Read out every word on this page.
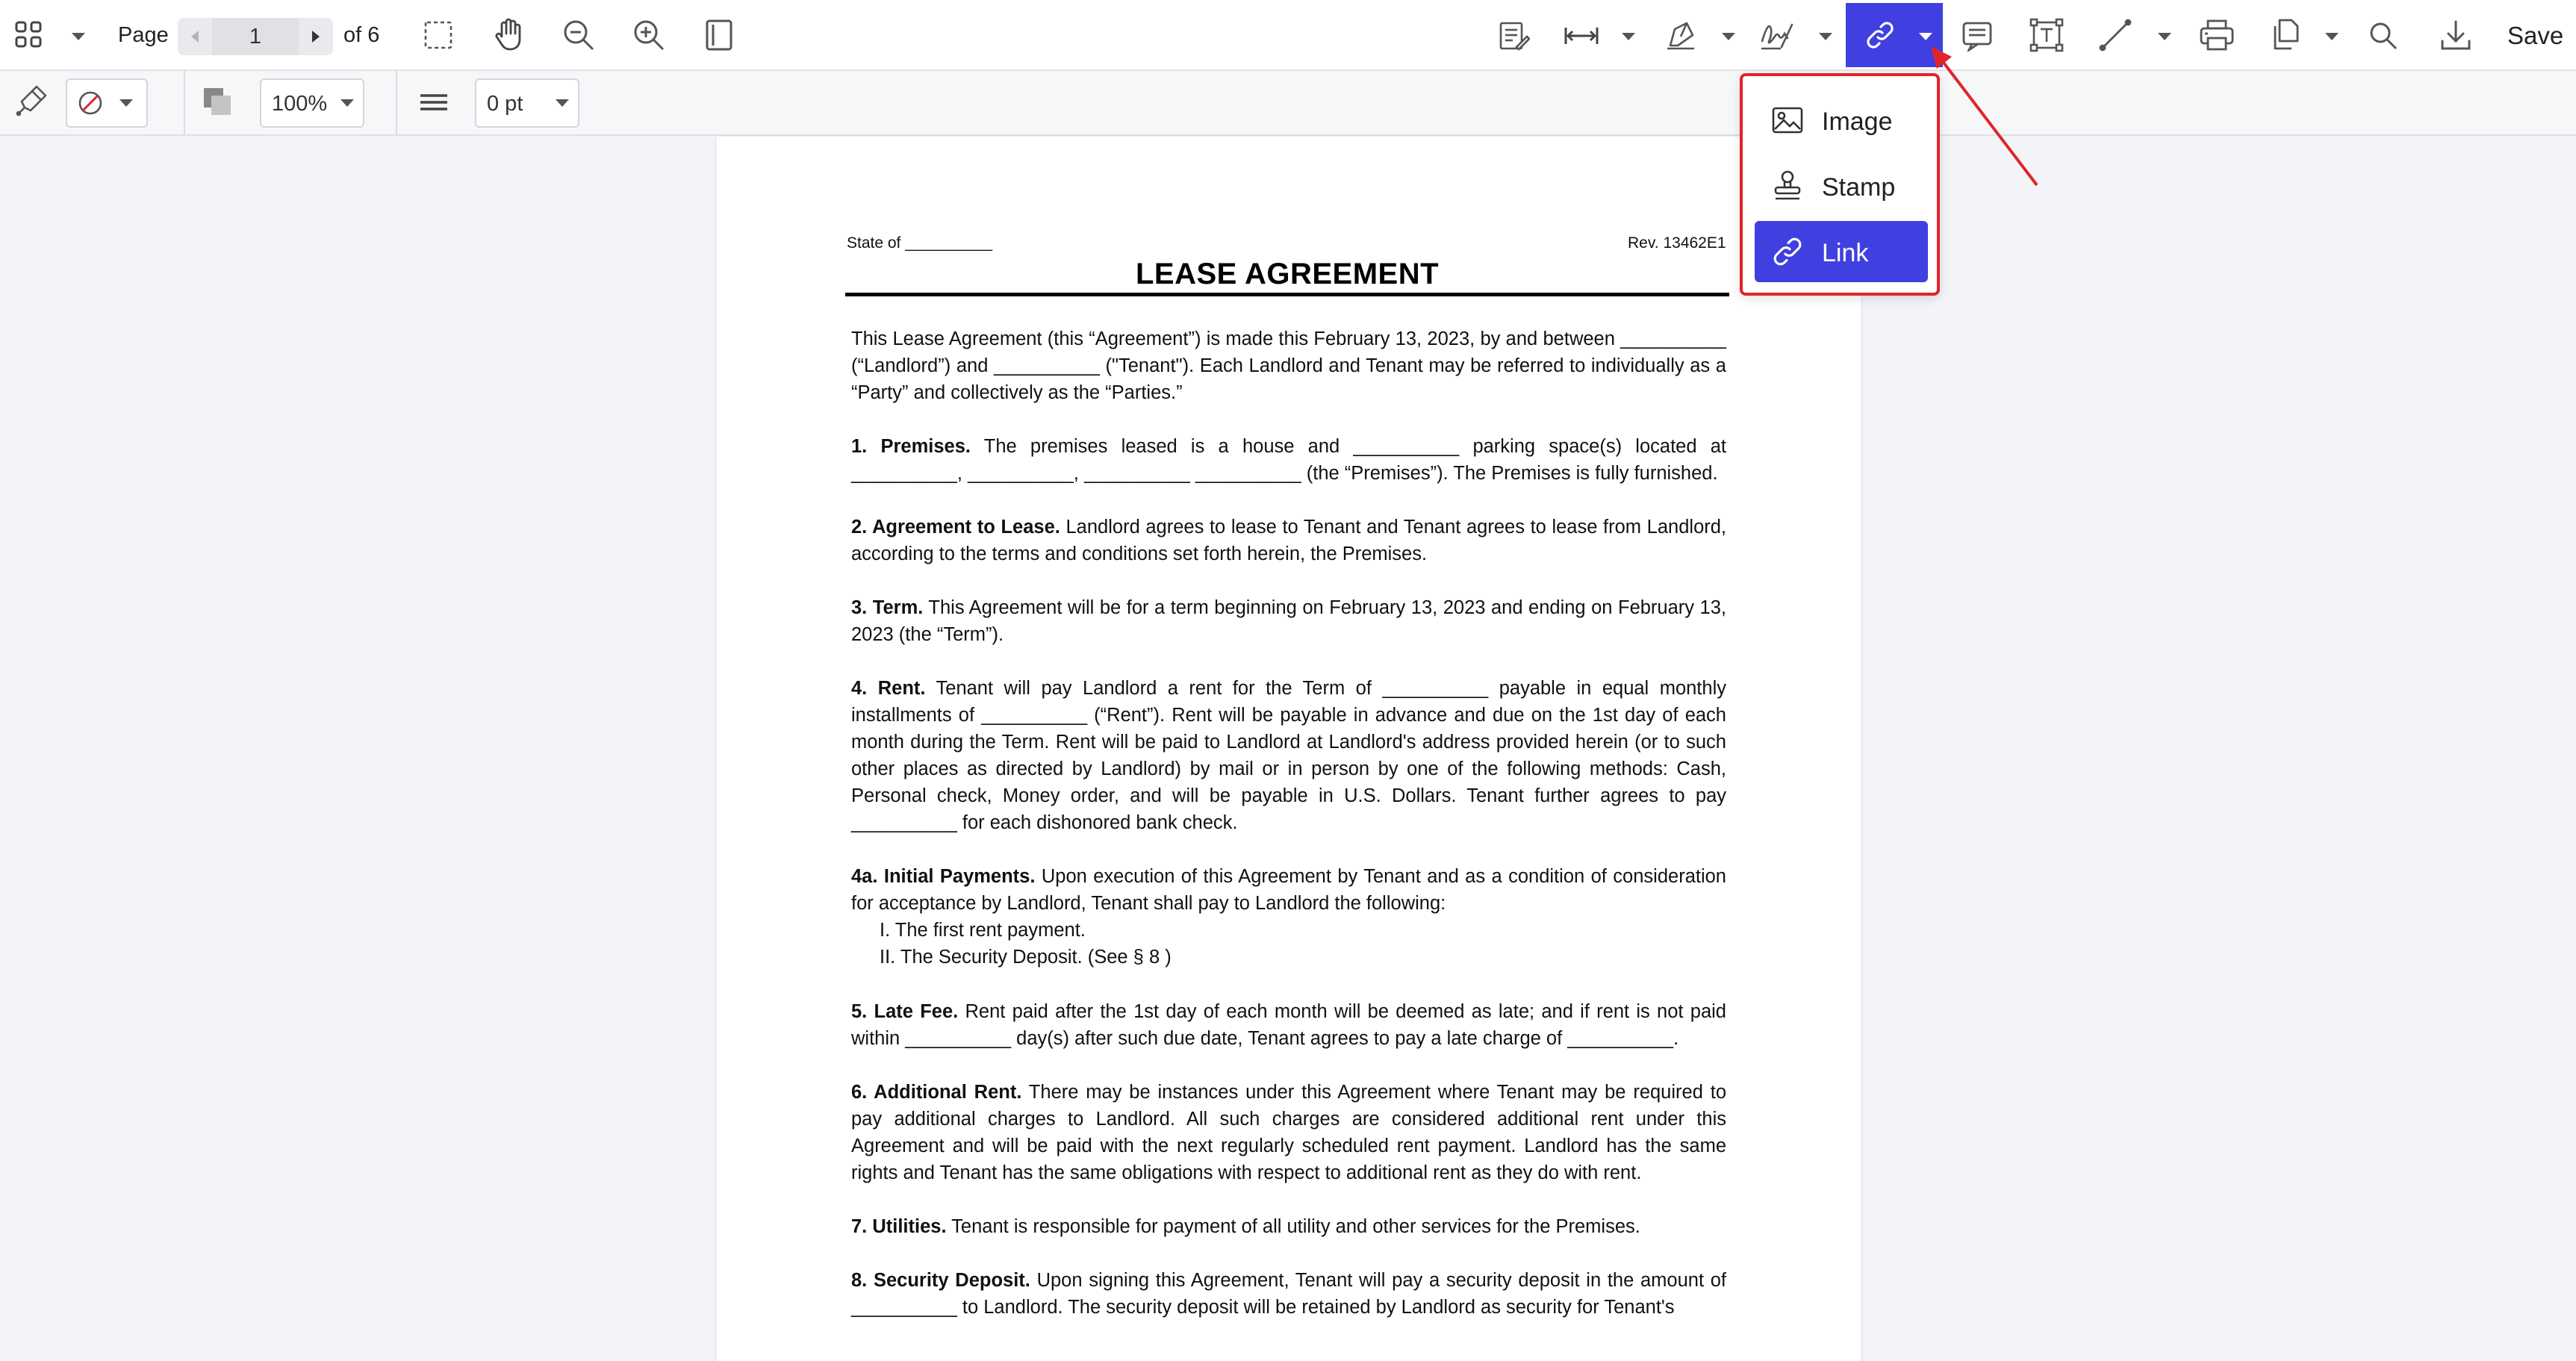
Page	1	of 6	Save
100%	0 pt
State of __________	Rev. 13462E1
LEASE AGREEMENT
This Lease Agreement (this “Agreement”) is made this February 13, 2023, by and between __________ (“Landlord”) and __________ ("Tenant"). Each Landlord and Tenant may be referred to individually as a “Party” and collectively as the “Parties.”
1. Premises. The premises leased is a house and __________ parking space(s) located at __________, __________, __________ __________ (the “Premises”). The Premises is fully furnished.
2. Agreement to Lease. Landlord agrees to lease to Tenant and Tenant agrees to lease from Landlord, according to the terms and conditions set forth herein, the Premises.
3. Term. This Agreement will be for a term beginning on February 13, 2023 and ending on February 13, 2023 (the “Term”).
4. Rent. Tenant will pay Landlord a rent for the Term of __________ payable in equal monthly installments of __________ (“Rent”). Rent will be payable in advance and due on the 1st day of each month during the Term. Rent will be paid to Landlord at Landlord's address provided herein (or to such other places as directed by Landlord) by mail or in person by one of the following methods: Cash, Personal check, Money order, and will be payable in U.S. Dollars. Tenant further agrees to pay __________ for each dishonored bank check.
4a. Initial Payments. Upon execution of this Agreement by Tenant and as a condition of consideration for acceptance by Landlord, Tenant shall pay to Landlord the following:
I. The first rent payment.
II. The Security Deposit. (See § 8 )
5. Late Fee. Rent paid after the 1st day of each month will be deemed as late; and if rent is not paid within __________ day(s) after such due date, Tenant agrees to pay a late charge of __________.
6. Additional Rent. There may be instances under this Agreement where Tenant may be required to pay additional charges to Landlord. All such charges are considered additional rent under this Agreement and will be paid with the next regularly scheduled rent payment. Landlord has the same rights and Tenant has the same obligations with respect to additional rent as they do with rent.
7. Utilities. Tenant is responsible for payment of all utility and other services for the Premises.
8. Security Deposit. Upon signing this Agreement, Tenant will pay a security deposit in the amount of __________ to Landlord. The security deposit will be retained by Landlord as security for Tenant's
Image
Stamp
Link
